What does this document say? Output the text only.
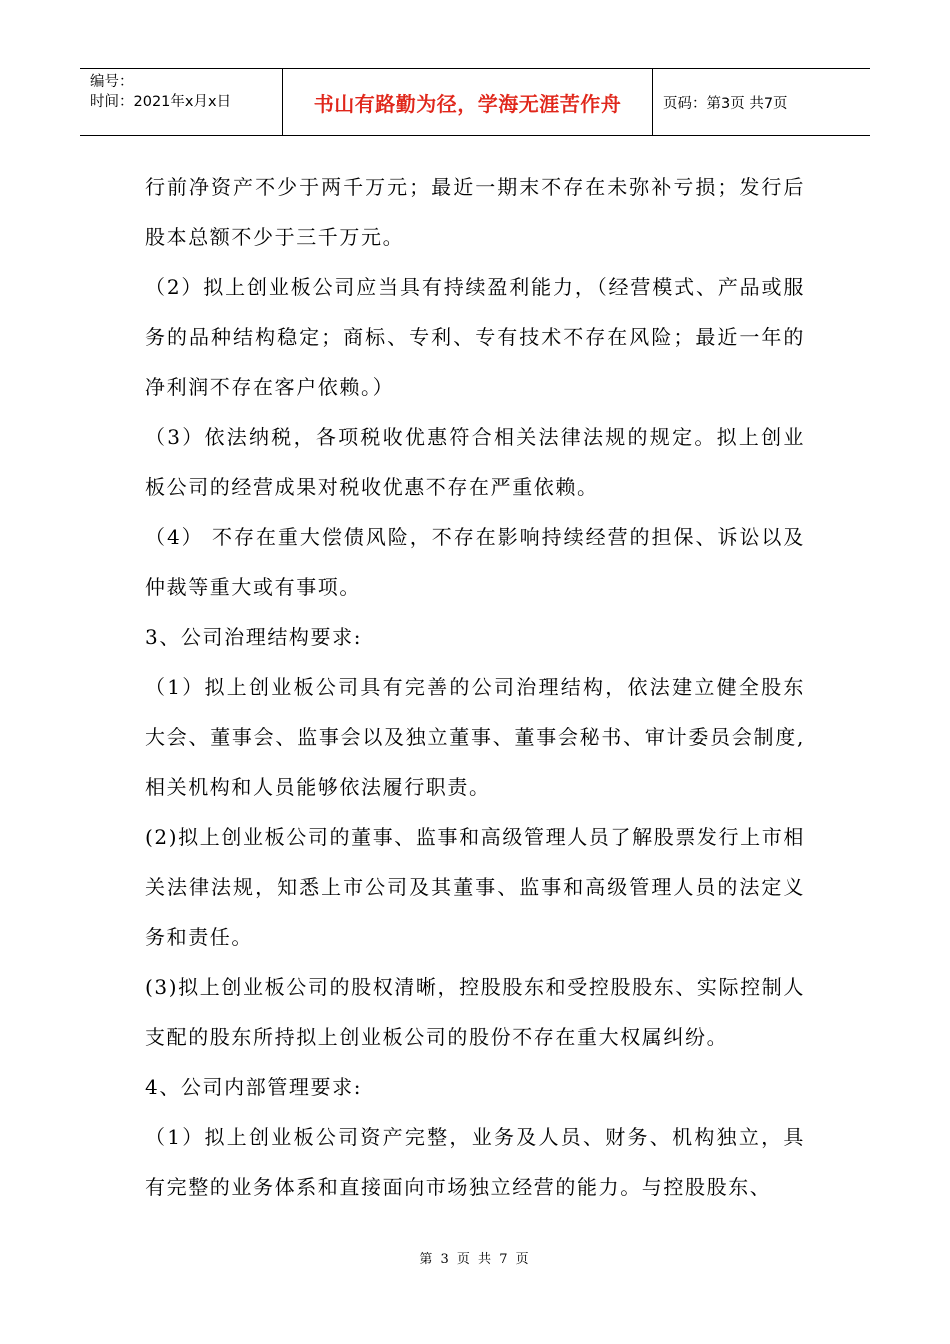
编号：
时间：2021年x月x日	书山有路勤为径，学海无涯苦作舟	页码：第3页 共7页

行前净资产不少于两千万元；最近一期末不存在未弥补亏损；发行后股本总额不少于三千万元。

（2）拟上创业板公司应当具有持续盈利能力，（经营模式、产品或服务的品种结构稳定；商标、专利、专有技术不存在风险；最近一年的净利润不存在客户依赖。）

（3）依法纳税，各项税收优惠符合相关法律法规的规定。拟上创业板公司的经营成果对税收优惠不存在严重依赖。

（4） 不存在重大偿债风险，不存在影响持续经营的担保、诉讼以及仲裁等重大或有事项。

3、公司治理结构要求:

（1）拟上创业板公司具有完善的公司治理结构，依法建立健全股东大会、董事会、监事会以及独立董事、董事会秘书、审计委员会制度,相关机构和人员能够依法履行职责。

(2)拟上创业板公司的董事、监事和高级管理人员了解股票发行上市相关法律法规，知悉上市公司及其董事、监事和高级管理人员的法定义务和责任。

(3)拟上创业板公司的股权清晰，控股股东和受控股股东、实际控制人支配的股东所持拟上创业板公司的股份不存在重大权属纠纷。

4、公司内部管理要求:

（1）拟上创业板公司资产完整，业务及人员、财务、机构独立，具有完整的业务体系和直接面向市场独立经营的能力。与控股股东、

第 3 页 共 7 页
